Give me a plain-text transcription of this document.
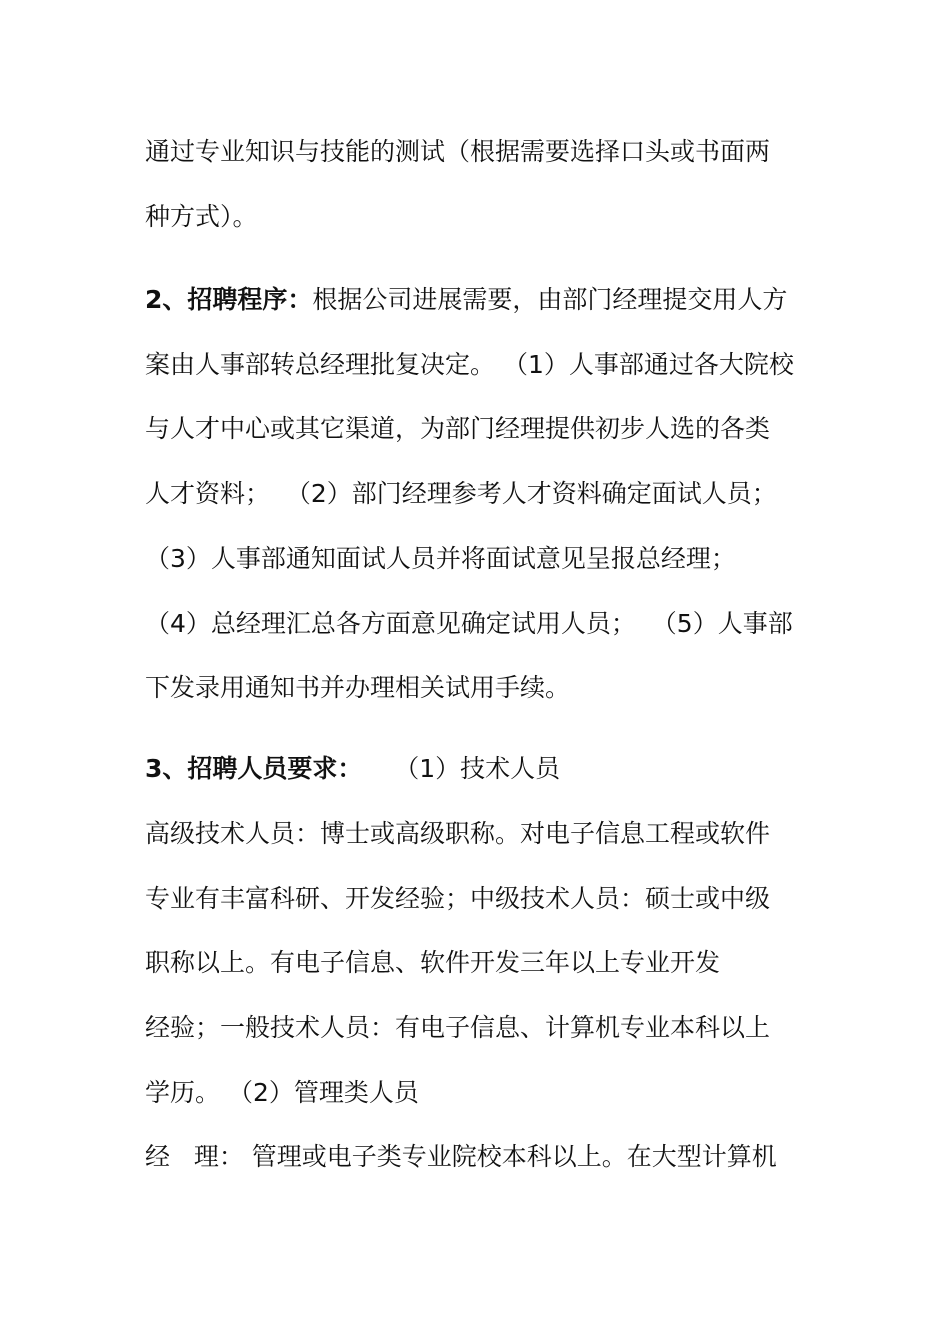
通过专业知识与技能的测试（根据需要选择口头或书面两

种方式）。

2、招聘程序：根据公司进展需要，由部门经理提交用人方

案由人事部转总经理批复决定。 （1）人事部通过各大院校

与人才中心或其它渠道，为部门经理提供初步人选的各类

人才资料；  （2）部门经理参考人才资料确定面试人员；

（3）人事部通知面试人员并将面试意见呈报总经理；

（4）总经理汇总各方面意见确定试用人员；  （5）人事部

下发录用通知书并办理相关试用手续。

3、招聘人员要求：    （1）技术人员

高级技术人员：博士或高级职称。对电子信息工程或软件

专业有丰富科研、开发经验；中级技术人员：硕士或中级

职称以上。有电子信息、软件开发三年以上专业开发

经验；一般技术人员：有电子信息、计算机专业本科以上

学历。 （2）管理类人员

经   理： 管理或电子类专业院校本科以上。在大型计算机
